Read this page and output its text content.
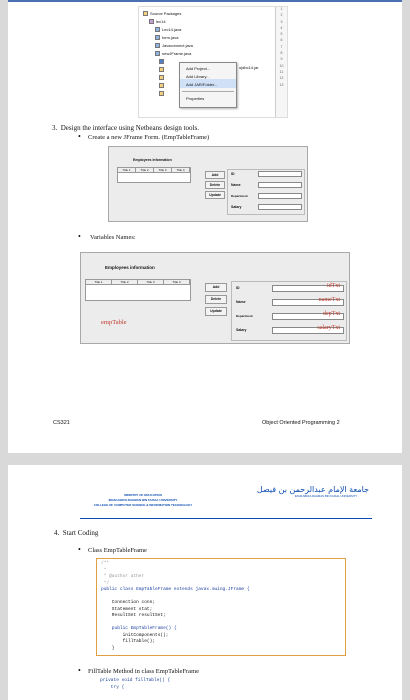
Source Packages
lec14
Lec14.java
form.java
Javaconnect.java
newJFrame.java
Add Project...
Add Library...
Add JAR/Folder...
Properties
ojdbc14.jar
1
2
3
4
5
6
7
8
9
10
11
12
13
3. Design the interface using Netbeans design tools.
• Create a new JFrame Form. (EmpTableFrame)
Employees information
Title 1	Title 2	Title 3	Title 4
Add
Delete
Update
ID
Name
Department
Salary
• Variables Names:
Employees information
Title 1	Title 2	Title 3	Title 4
empTable
Add
Delete
Update
ID	idTxt
Name	nameTxt
Department	depTxt
Salary	salaryTxt
CS321	Object Oriented Programming 2
MINISTRY OF EDUCATION
IMAM ABDULRAHMAN BIN FAISAL UNIVERSITY
COLLEGE OF COMPUTER SCIENCE & INFORMATION TECHNOLOGY
جامعة الإمام عبدالرحمن بن فيصل
IMAM ABDULRAHMAN BIN FAISAL UNIVERSITY
4. Start Coding
• Class EmpTableFrame
/**
*
* @author ather
*/
public class EmpTableFrame extends javax.swing.JFrame {

Connection conn;
Statement stat;
ResultSet resultSet;

public EmpTableFrame() {
initComponents();
fillTable();
}
• FillTable Method in class EmpTableFrame
private void fillTable() {
try {
